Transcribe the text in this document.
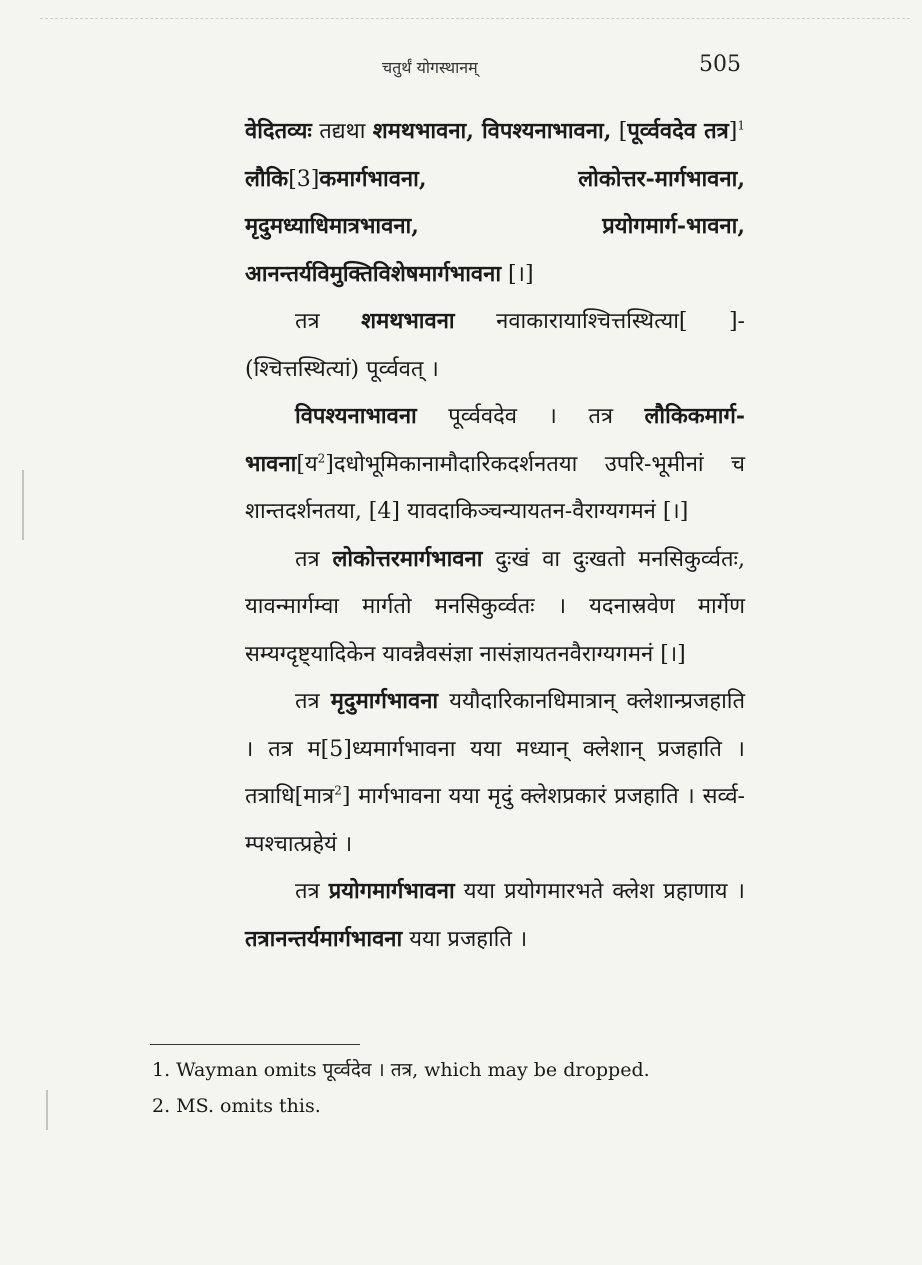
चतुर्थं योगस्थानम्	505

वेदितव्यः तद्यथा शमथभावना, विपश्यनाभावना, [पूर्व्ववदेव तत्र]$^1$ लौकि[3]कमार्गभावना, लोकोत्तर-मार्गभावना, मृदुमध्याधिमात्रभावना, प्रयोगमार्ग-भावना, आनन्तर्यविमुक्तिविशेषमार्गभावना [।]

तत्र शमथभावना नवाकारायाश्चित्तस्थित्या[ ]-(श्चित्तस्थित्यां) पूर्व्ववत् ।

विपश्यनाभावना पूर्व्ववदेव । तत्र लौकिकमार्ग-भावना[य$^2$]दधोभूमिकानामौदारिकदर्शनतया उपरि-भूमीनां च शान्तदर्शनतया, [4] यावदाकिञ्चन्यायतन-वैराग्यगमनं [।]

तत्र लोकोत्तरमार्गभावना दुःखं वा दुःखतो मनसिकुर्व्वतः, यावन्मार्गम्वा मार्गतो मनसिकुर्व्वतः । यदनास्रवेण मार्गेण सम्यग्दृष्ट्यादिकेन यावन्नैवसंज्ञा नासंज्ञायतनवैराग्यगमनं [।]

तत्र मृदुमार्गभावना ययौदारिकानधिमात्रान् क्लेशान्प्रजहाति । तत्र म[5]ध्यमार्गभावना यया मध्यान् क्लेशान् प्रजहाति । तत्राधि[मात्र$^2$] मार्गभावना यया मृदुं क्लेशप्रकारं प्रजहाति । सर्व्व-म्पश्चात्प्रहेयं ।

तत्र प्रयोगमार्गभावना यया प्रयोगमारभते क्लेश प्रहाणाय । तत्रानन्तर्यमार्गभावना यया प्रजहाति ।

1. Wayman omits पूर्व्वदेव । तत्र, which may be dropped.

2. MS. omits this.
